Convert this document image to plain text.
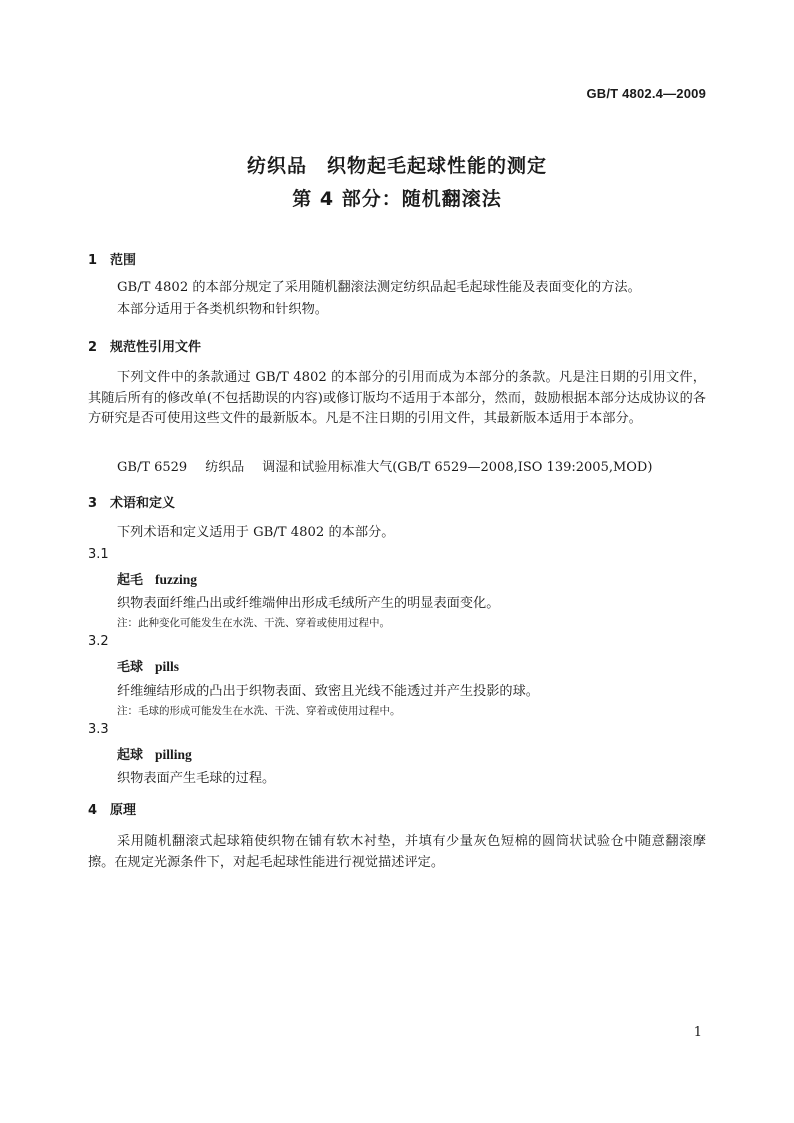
GB/T 4802.4—2009
纺织品　织物起毛起球性能的测定
第 4 部分：随机翻滚法
1 范围
GB/T 4802 的本部分规定了采用随机翻滚法测定纺织品起毛起球性能及表面变化的方法。
本部分适用于各类机织物和针织物。
2 规范性引用文件
下列文件中的条款通过 GB/T 4802 的本部分的引用而成为本部分的条款。凡是注日期的引用文件，其随后所有的修改单(不包括勘误的内容)或修订版均不适用于本部分，然而，鼓励根据本部分达成协议的各方研究是否可使用这些文件的最新版本。凡是不注日期的引用文件，其最新版本适用于本部分。
GB/T 6529 纺织品 调湿和试验用标准大气(GB/T 6529—2008,ISO 139:2005,MOD)
3 术语和定义
下列术语和定义适用于 GB/T 4802 的本部分。
3.1
起毛 fuzzing
织物表面纤维凸出或纤维端伸出形成毛绒所产生的明显表面变化。
注：此种变化可能发生在水洗、干洗、穿着或使用过程中。
3.2
毛球 pills
纤维缠结形成的凸出于织物表面、致密且光线不能透过并产生投影的球。
注：毛球的形成可能发生在水洗、干洗、穿着或使用过程中。
3.3
起球 pilling
织物表面产生毛球的过程。
4 原理
采用随机翻滚式起球箱使织物在铺有软木衬垫，并填有少量灰色短棉的圆筒状试验仓中随意翻滚摩擦。在规定光源条件下，对起毛起球性能进行视觉描述评定。
1
